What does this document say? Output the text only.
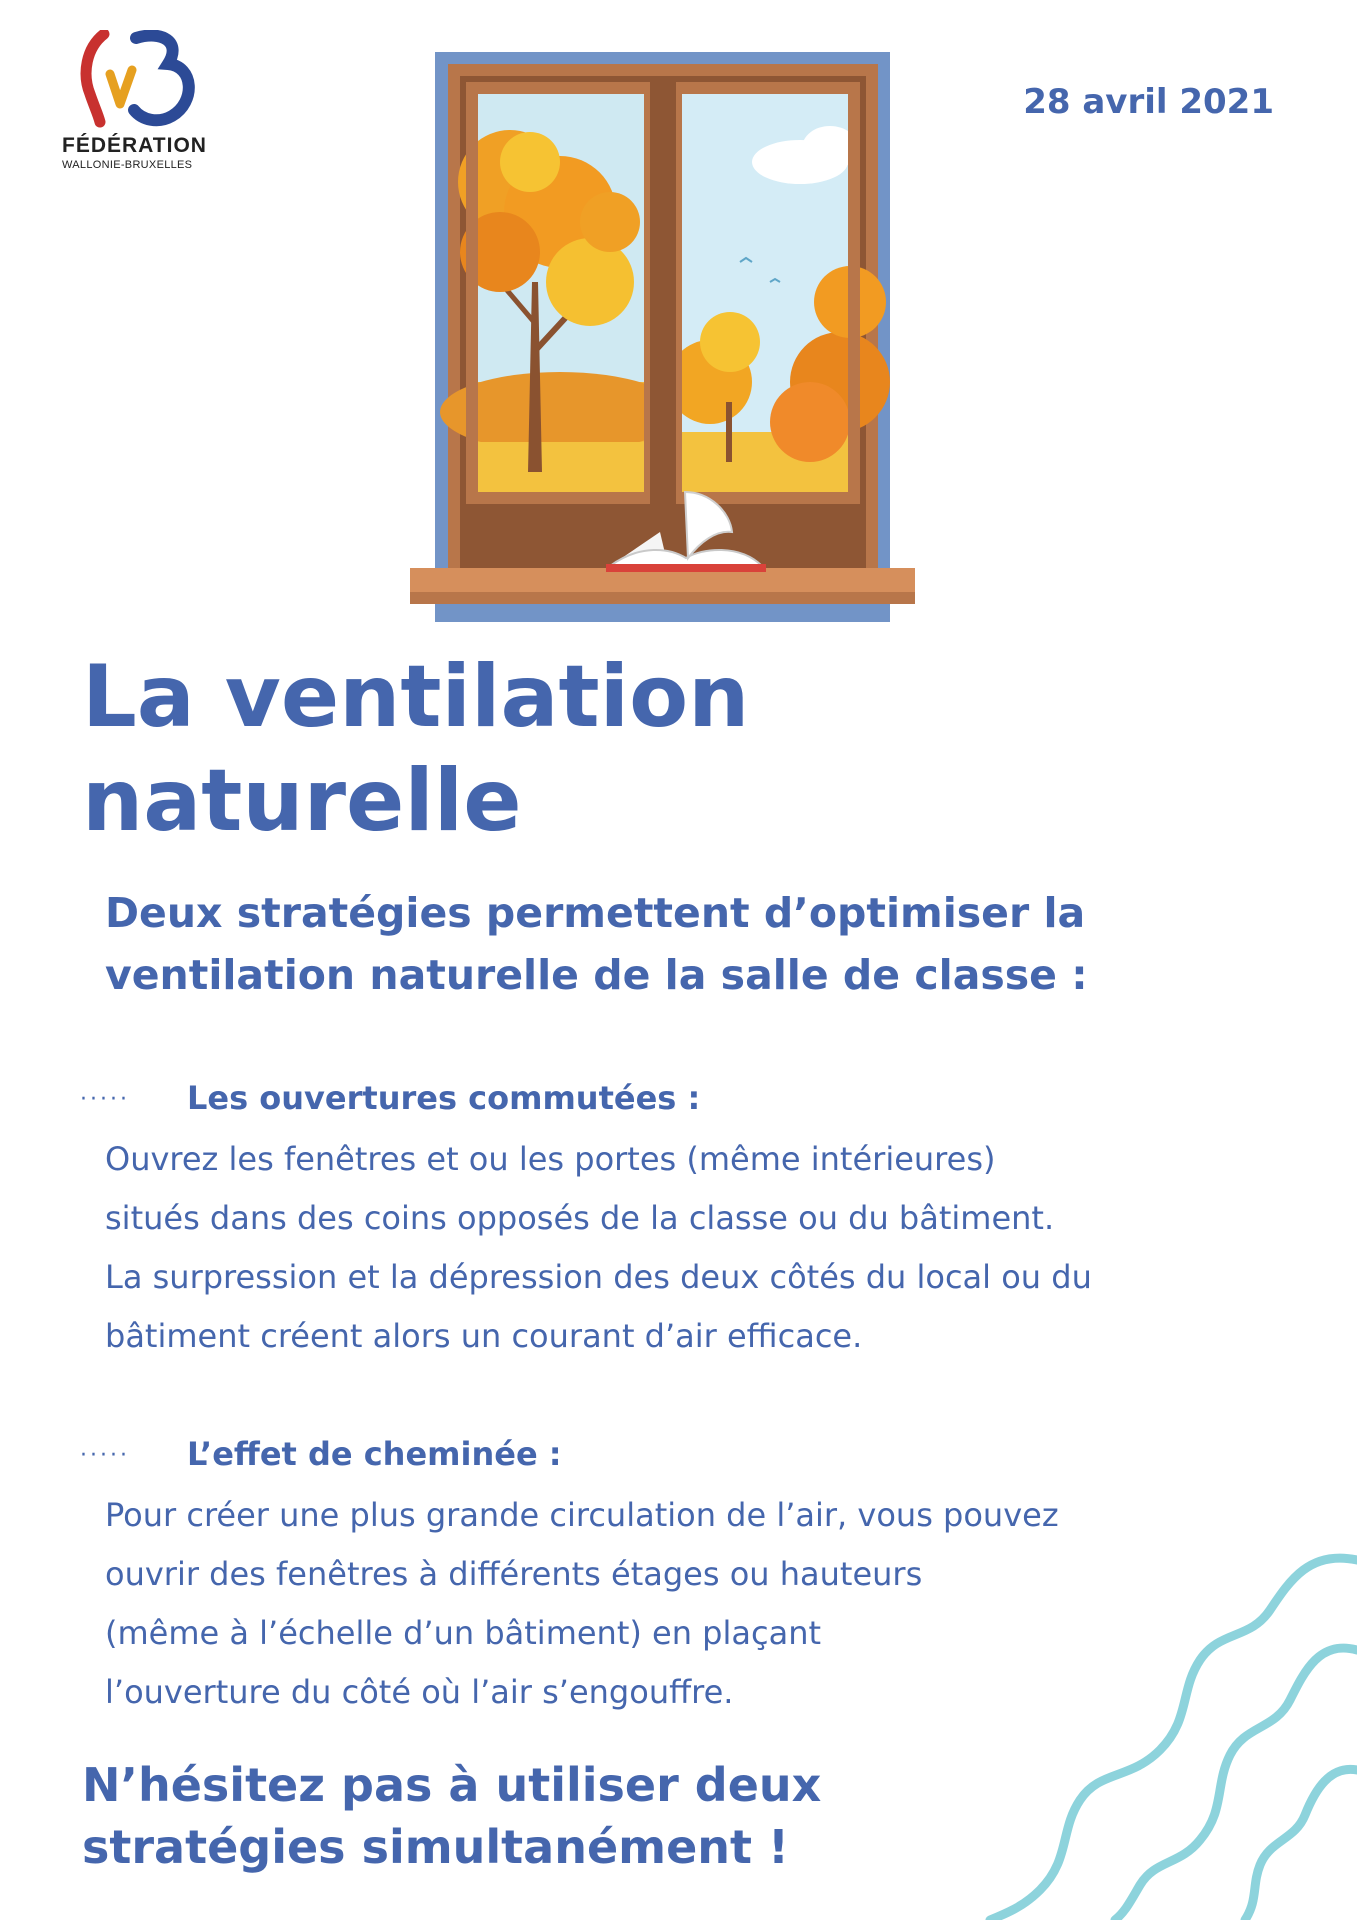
FÉDÉRATION
WALLONIE-BRUXELLES
28 avril 2021
La ventilation
naturelle
Deux stratégies permettent d’optimiser la
ventilation naturelle de la salle de classe :
····· Les ouvertures commutées :

Ouvrez les fenêtres et ou les portes (même intérieures)
situés dans des coins opposés de la classe ou du bâtiment.
La surpression et la dépression des deux côtés du local ou du
bâtiment créent alors un courant d’air efficace.

····· L’effet de cheminée :

Pour créer une plus grande circulation de l’air, vous pouvez
ouvrir des fenêtres à différents étages ou hauteurs
(même à l’échelle d’un bâtiment) en plaçant
l’ouverture du côté où l’air s’engouffre.

N’hésitez pas à utiliser deux
stratégies simultanément !
